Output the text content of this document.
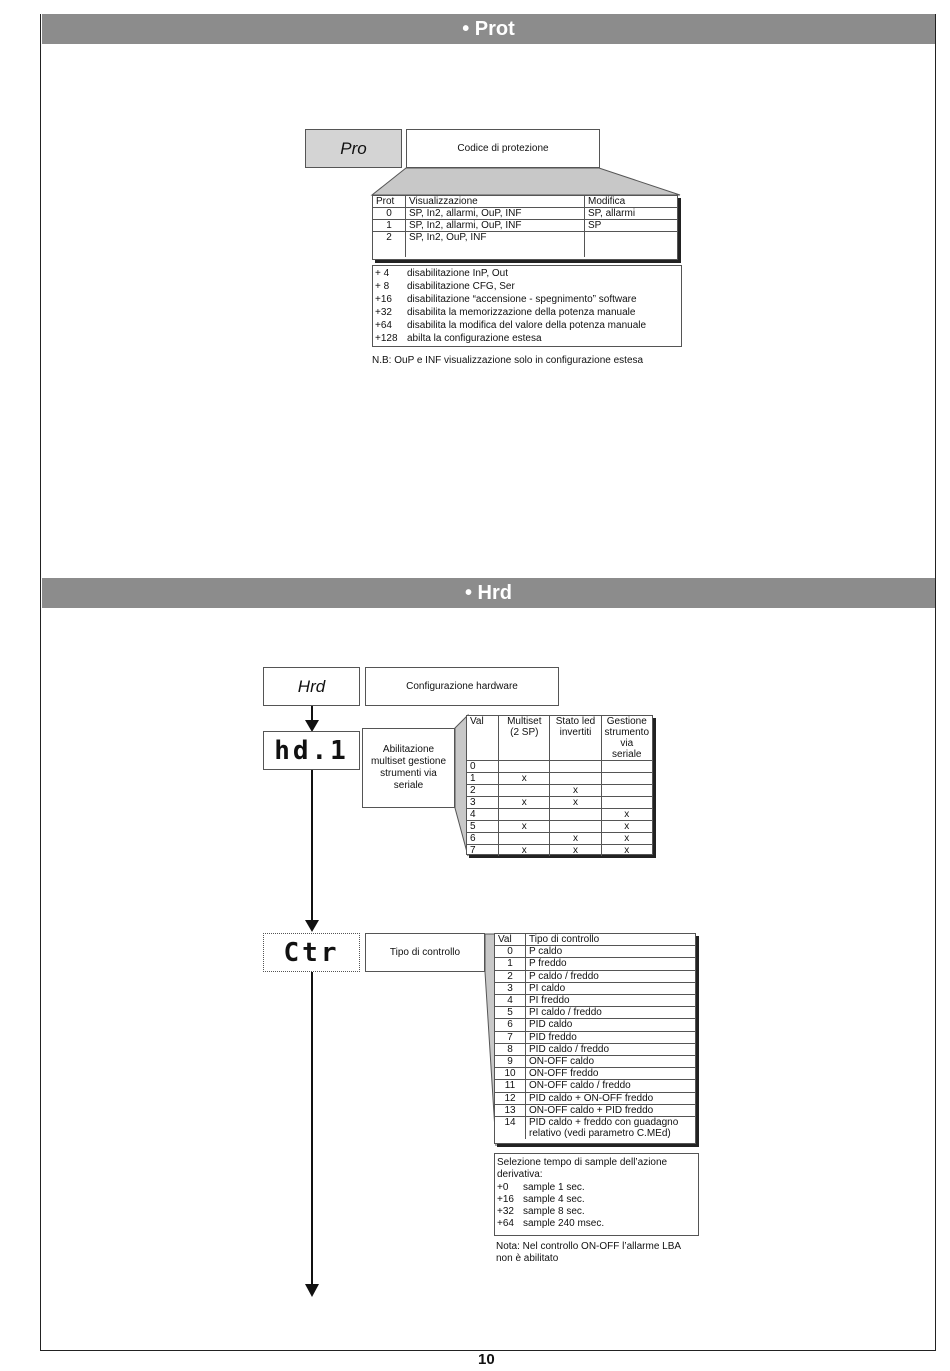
• Prot
Pro	Codice di protezione
Prot	Visualizzazione	Modifica
0	SP, In2, allarmi, OuP, INF	SP, allarmi
1	SP, In2, allarmi, OuP, INF	SP
2	SP, In2, OuP, INF	
+ 4 disabilitazione InP, Out
+ 8 disabilitazione CFG, Ser
+16 disabilitazione “accensione - spegnimento” software
+32 disabilita la memorizzazione della potenza manuale
+64 disabilita la modifica del valore della potenza manuale
+128 abilta la configurazione estesa
N.B: OuP e INF visualizzazione solo in configurazione estesa
• Hrd
Hrd	Configurazione hardware
hd.1	Abilitazione multiset gestione strumenti via seriale
Val	Multiset (2 SP)	Stato led invertiti	Gestione strumento via seriale
0			
1	x		
2		x	
3	x	x	
4			x
5	x		x
6		x	x
7	x	x	x
Ctr	Tipo di controllo
Val	Tipo di controllo
0	P caldo
1	P freddo
2	P caldo / freddo
3	PI caldo
4	PI freddo
5	PI caldo / freddo
6	PID caldo
7	PID freddo
8	PID caldo / freddo
9	ON-OFF caldo
10	ON-OFF freddo
11	ON-OFF caldo / freddo
12	PID caldo + ON-OFF freddo
13	ON-OFF caldo + PID freddo
14	PID caldo + freddo con guadagno relativo (vedi parametro C.MEd)
Selezione tempo di sample dell’azione derivativa:
+0 sample 1 sec.
+16 sample 4 sec.
+32 sample 8 sec.
+64 sample 240 msec.
Nota: Nel controllo ON-OFF l’allarme LBA non è abilitato
10
